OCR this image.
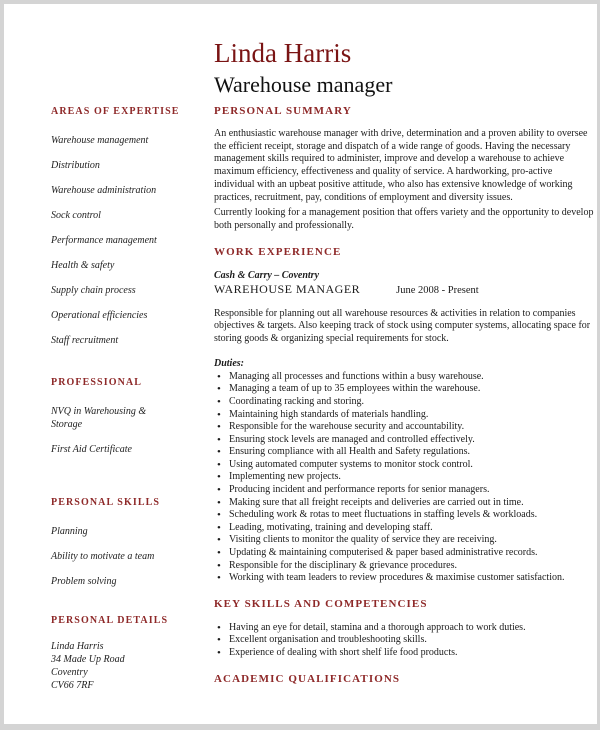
AREAS OF EXPERTISE
Warehouse management
Distribution
Warehouse administration
Sock control
Performance management
Health & safety
Supply chain process
Operational efficiencies
Staff recruitment
PROFESSIONAL
NVQ in Warehousing & Storage
First Aid Certificate
PERSONAL SKILLS
Planning
Ability to motivate a team
Problem solving
PERSONAL DETAILS
Linda Harris
34 Made Up Road
Coventry
CV66 7RF
Linda Harris
Warehouse manager
PERSONAL SUMMARY

An enthusiastic warehouse manager with drive, determination and a proven ability to oversee the efficient receipt, storage and dispatch of a wide range of goods. Having the necessary management skills required to administer, improve and develop a warehouse to achieve maximum efficiency, effectiveness and quality of service. A hardworking, pro-active individual with an upbeat positive attitude, who also has extensive knowledge of working practices, recruitment, pay, conditions of employment and diversity issues.

Currently looking for a management position that offers variety and the opportunity to develop both personally and professionally.

WORK EXPERIENCE
Cash & Carry – Coventry
WAREHOUSE MANAGER	June 2008 - Present

Responsible for planning out all warehouse resources & activities in relation to companies objectives & targets. Also keeping track of stock using computer systems, allocating space for storing goods & organizing special requirements for stock.

Duties:
• Managing all processes and functions within a busy warehouse.
• Managing a team of up to 35 employees within the warehouse.
• Coordinating racking and storing.
• Maintaining high standards of materials handling.
• Responsible for the warehouse security and accountability.
• Ensuring stock levels are managed and controlled effectively.
• Ensuring compliance with all Health and Safety regulations.
• Using automated computer systems to monitor stock control.
• Implementing new projects.
• Producing incident and performance reports for senior managers.
• Making sure that all freight receipts and deliveries are carried out in time.
• Scheduling work & rotas to meet fluctuations in staffing levels & workloads.
• Leading, motivating, training and developing staff.
• Visiting clients to monitor the quality of service they are receiving.
• Updating & maintaining computerised & paper based administrative records.
• Responsible for the disciplinary & grievance procedures.
• Working with team leaders to review procedures & maximise customer satisfaction.
KEY SKILLS AND COMPETENCIES
• Having an eye for detail, stamina and a thorough approach to work duties.
• Excellent organisation and troubleshooting skills.
• Experience of dealing with short shelf life food products.
ACADEMIC QUALIFICATIONS
